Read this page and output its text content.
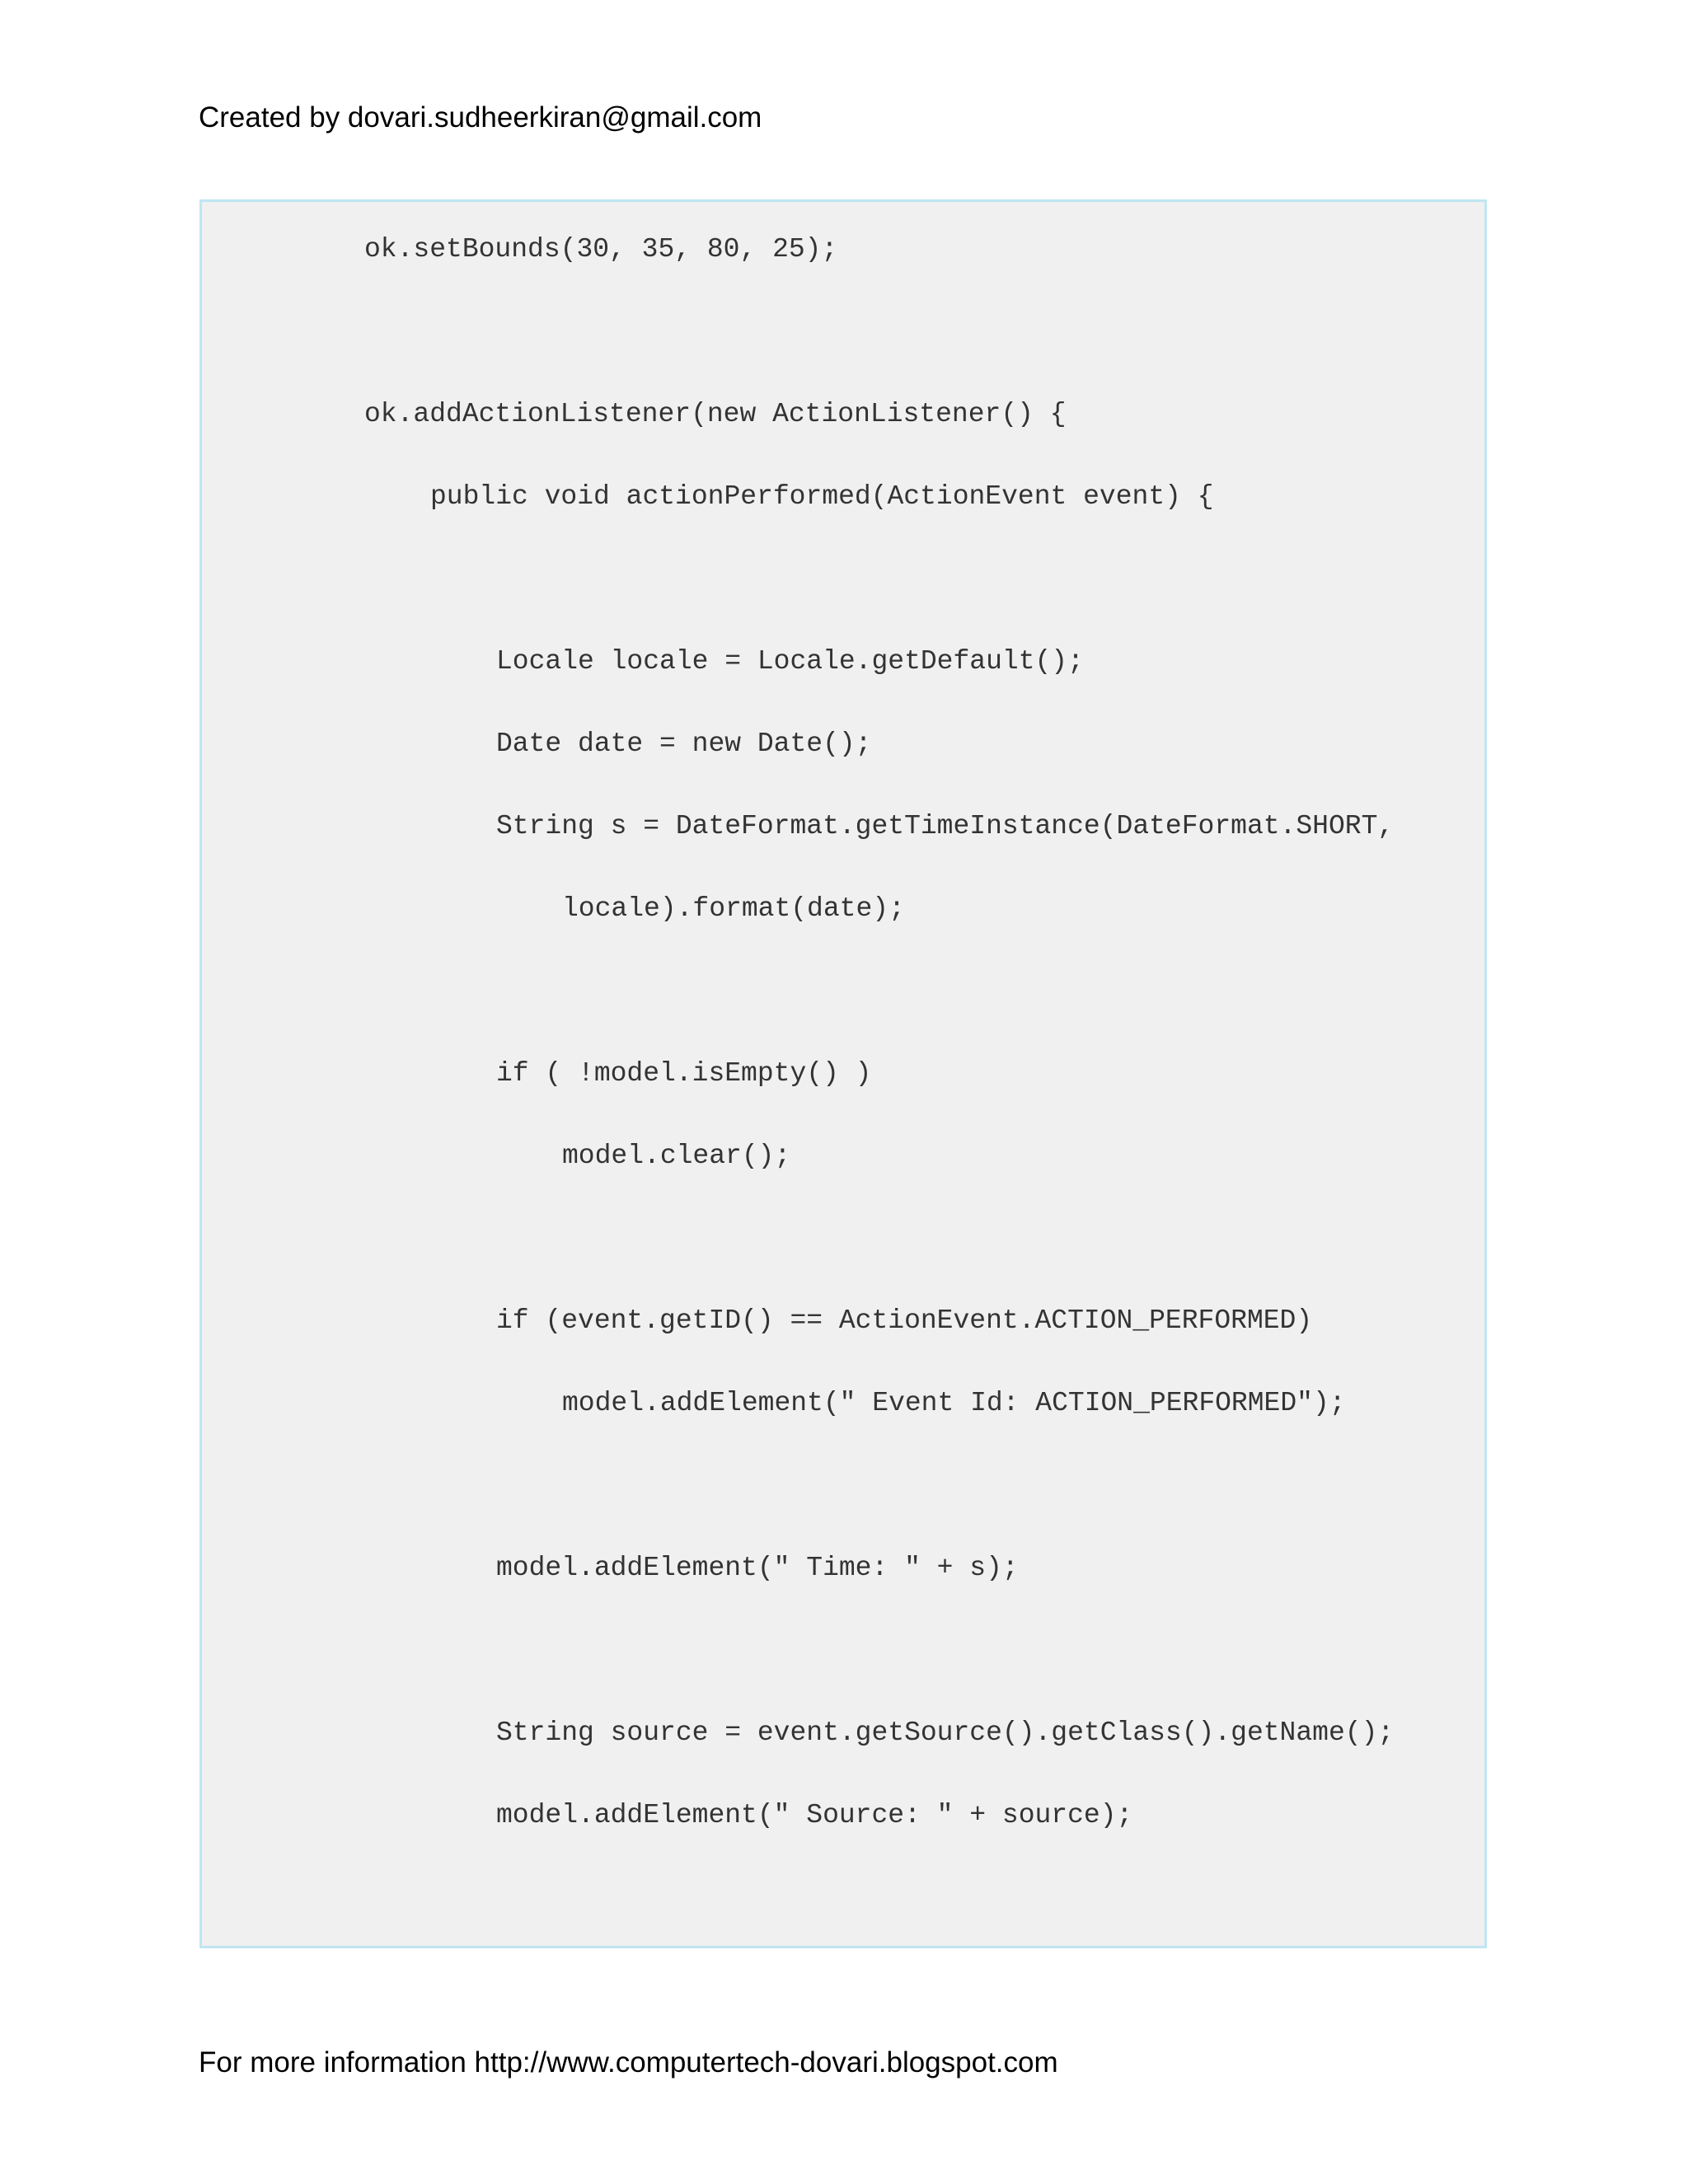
Created by dovari.sudheerkiran@gmail.com
ok.setBounds(30, 35, 80, 25);
ok.addActionListener(new ActionListener() {
public void actionPerformed(ActionEvent event) {
Locale locale = Locale.getDefault();
Date date = new Date();
String s = DateFormat.getTimeInstance(DateFormat.SHORT,
locale).format(date);
if ( !model.isEmpty() )
model.clear();
if (event.getID() == ActionEvent.ACTION_PERFORMED)
model.addElement(" Event Id: ACTION_PERFORMED");
model.addElement(" Time: " + s);
String source = event.getSource().getClass().getName();
model.addElement(" Source: " + source);
For more information http://www.computertech-dovari.blogspot.com
